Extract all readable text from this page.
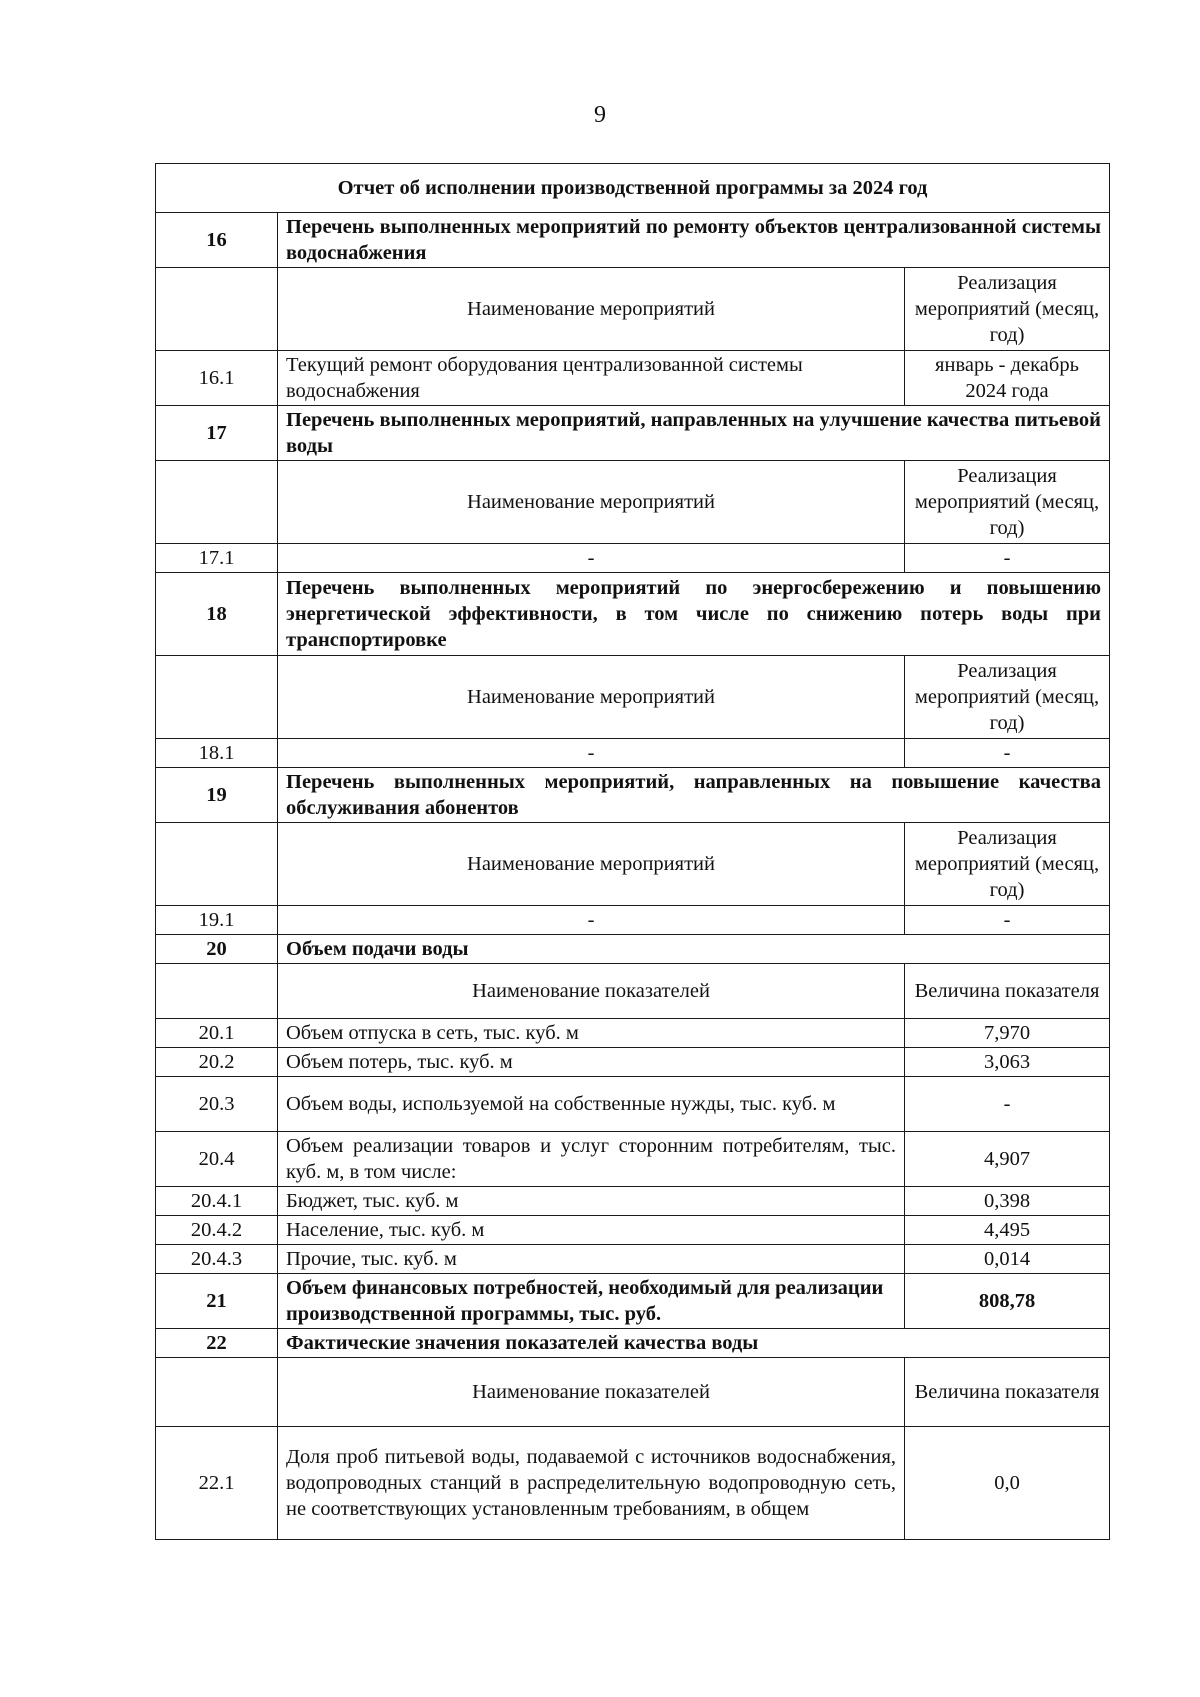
9
Отчет об исполнении производственной программы за 2024 год		
16	Перечень выполненных мероприятий по ремонту объектов централизованной системы водоснабжения	
	Наименование мероприятий	Реализация мероприятий (месяц, год)
16.1	Текущий ремонт оборудования централизованной системы водоснабжения	январь - декабрь 2024 года
17	Перечень выполненных мероприятий, направленных на улучшение качества питьевой воды	
	Наименование мероприятий	Реализация мероприятий (месяц, год)
17.1	-	-
18	Перечень выполненных мероприятий по энергосбережению и повышению энергетической эффективности, в том числе по снижению потерь воды при транспортировке	
	Наименование мероприятий	Реализация мероприятий (месяц, год)
18.1	-	-
19	Перечень выполненных мероприятий, направленных на повышение качества обслуживания абонентов	
	Наименование мероприятий	Реализация мероприятий (месяц, год)
19.1	-	-
20	Объем подачи воды	
	Наименование показателей	Величина показателя
20.1	Объем отпуска в сеть, тыс. куб. м	7,970
20.2	Объем потерь, тыс. куб. м	3,063
20.3	Объем воды, используемой на собственные нужды, тыс. куб. м	-
20.4	Объем реализации товаров и услуг сторонним потребителям, тыс. куб. м, в том числе:	4,907
20.4.1	Бюджет, тыс. куб. м	0,398
20.4.2	Население, тыс. куб. м	4,495
20.4.3	Прочие, тыс. куб. м	0,014
21	Объем финансовых потребностей, необходимый для реализации производственной программы, тыс. руб.	808,78
22	Фактические значения показателей качества воды	
	Наименование показателей	Величина показателя
22.1	Доля проб питьевой воды, подаваемой с источников водоснабжения, водопроводных станций в распределительную водопроводную сеть, не соответствующих установленным требованиям, в общем	0,0
